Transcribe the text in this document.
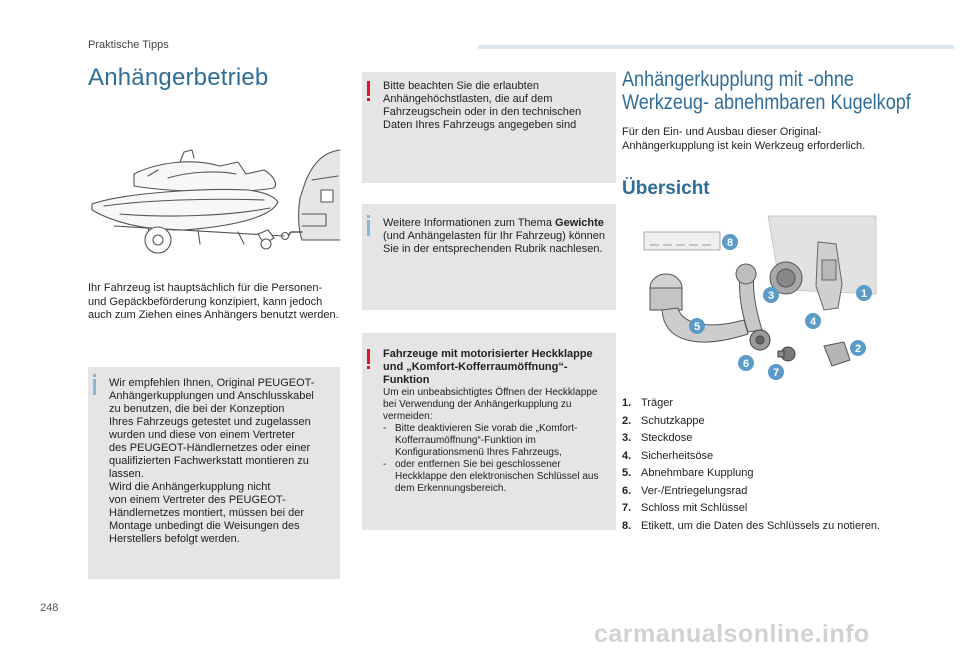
Praktische Tipps
Anhängerbetrieb
Ihr Fahrzeug ist hauptsächlich für die Personen- und Gepäckbeförderung konzipiert, kann jedoch auch zum Ziehen eines Anhängers benutzt werden.
Wir empfehlen Ihnen, Original PEUGEOT-
Anhängerkupplungen und Anschlusskabel
zu benutzen, die bei der Konzeption
Ihres Fahrzeugs getestet und zugelassen
wurden und diese von einem Vertreter
des PEUGEOT-Händlernetzes oder einer
qualifizierten Fachwerkstatt montieren zu
lassen.
Wird die Anhängerkupplung nicht
von einem Vertreter des PEUGEOT-
Händlernetzes montiert, müssen bei der
Montage unbedingt die Weisungen des
Herstellers befolgt werden.
Bitte beachten Sie die erlaubten Anhängehöchstlasten, die auf dem Fahrzeugschein oder in den technischen Daten Ihres Fahrzeugs angegeben sind
Weitere Informationen zum Thema Gewichte (und Anhängelasten für Ihr Fahrzeug) können Sie in der entsprechenden Rubrik nachlesen.
Fahrzeuge mit motorisierter Heckklappe und „Komfort-Kofferraumöffnung“-Funktion

Um ein unbeabsichtigtes Öffnen der Heckklappe bei Verwendung der Anhängerkupplung zu vermeiden:

- Bitte deaktivieren Sie vorab die „Komfort-Kofferraumöffnung“-Funktion im Konfigurationsmenü Ihres Fahrzeugs,
- oder entfernen Sie bei geschlossener Heckklappe den elektronischen Schlüssel aus dem Erkennungsbereich.
Anhängerkupplung mit -ohne
Werkzeug- abnehmbaren Kugelkopf
Für den Ein- und Ausbau dieser Original-Anhängerkupplung ist kein Werkzeug erforderlich.
Übersicht
1
2
3
4
5
6
7
8
1. Träger
2. Schutzkappe
3. Steckdose
4. Sicherheitsöse
5. Abnehmbare Kupplung
6. Ver-/Entriegelungsrad
7. Schloss mit Schlüssel
8. Etikett, um die Daten des Schlüssels zu notieren.
248
carmanualsonline.info
